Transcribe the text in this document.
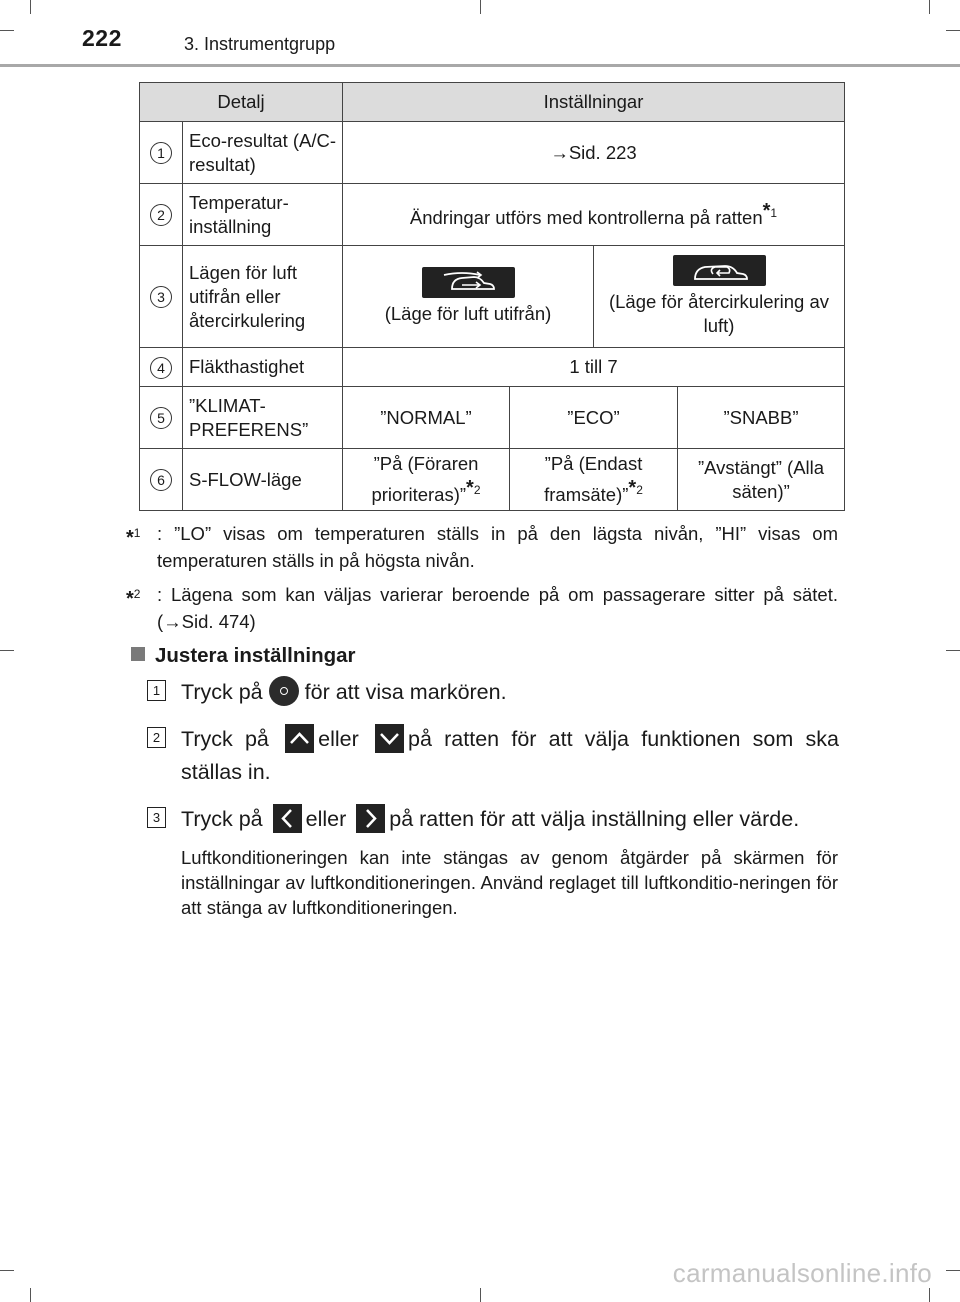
222	3. Instrumentgrupp
Detalj		Inställningar			
1	Eco-resultat (A/C-resultat)	→Sid. 223			
2	Temperatur-inställning	Ändringar utförs med kontrollerna på ratten$^{*1}$
3	Lägen för luft utifrån eller återcirkulering	(Läge för luft utifrån)		(Läge för återcirkulering av luft)	
4	Fläkthastighet	1 till 7			
5	”KLIMAT-PREFERENS”	”NORMAL”	”ECO”		”SNABB”
6	S-FLOW-läge	”På (Föraren prioriteras)”$^{*2}$	”På (Endast framsäte)”$^{*2}$		”Avstängt” (Alla säten)”
*$^1$ : ”LO” visas om temperaturen ställs in på den lägsta nivån, ”HI” visas om temperaturen ställs in på högsta nivån.
*$^2$ : Lägena som kan väljas varierar beroende på om passagerare sitter på sätet. (→Sid. 474)
Justera inställningar
1 Tryck på för att visa markören.
2 Tryck på eller på ratten för att välja funktionen som ska ställas in.
3 Tryck på eller på ratten för att välja inställning eller värde.
Luftkonditioneringen kan inte stängas av genom åtgärder på skärmen för inställningar av luftkonditioneringen. Använd reglaget till luftkonditio-neringen för att stänga av luftkonditioneringen.
carmanualsonline.info
